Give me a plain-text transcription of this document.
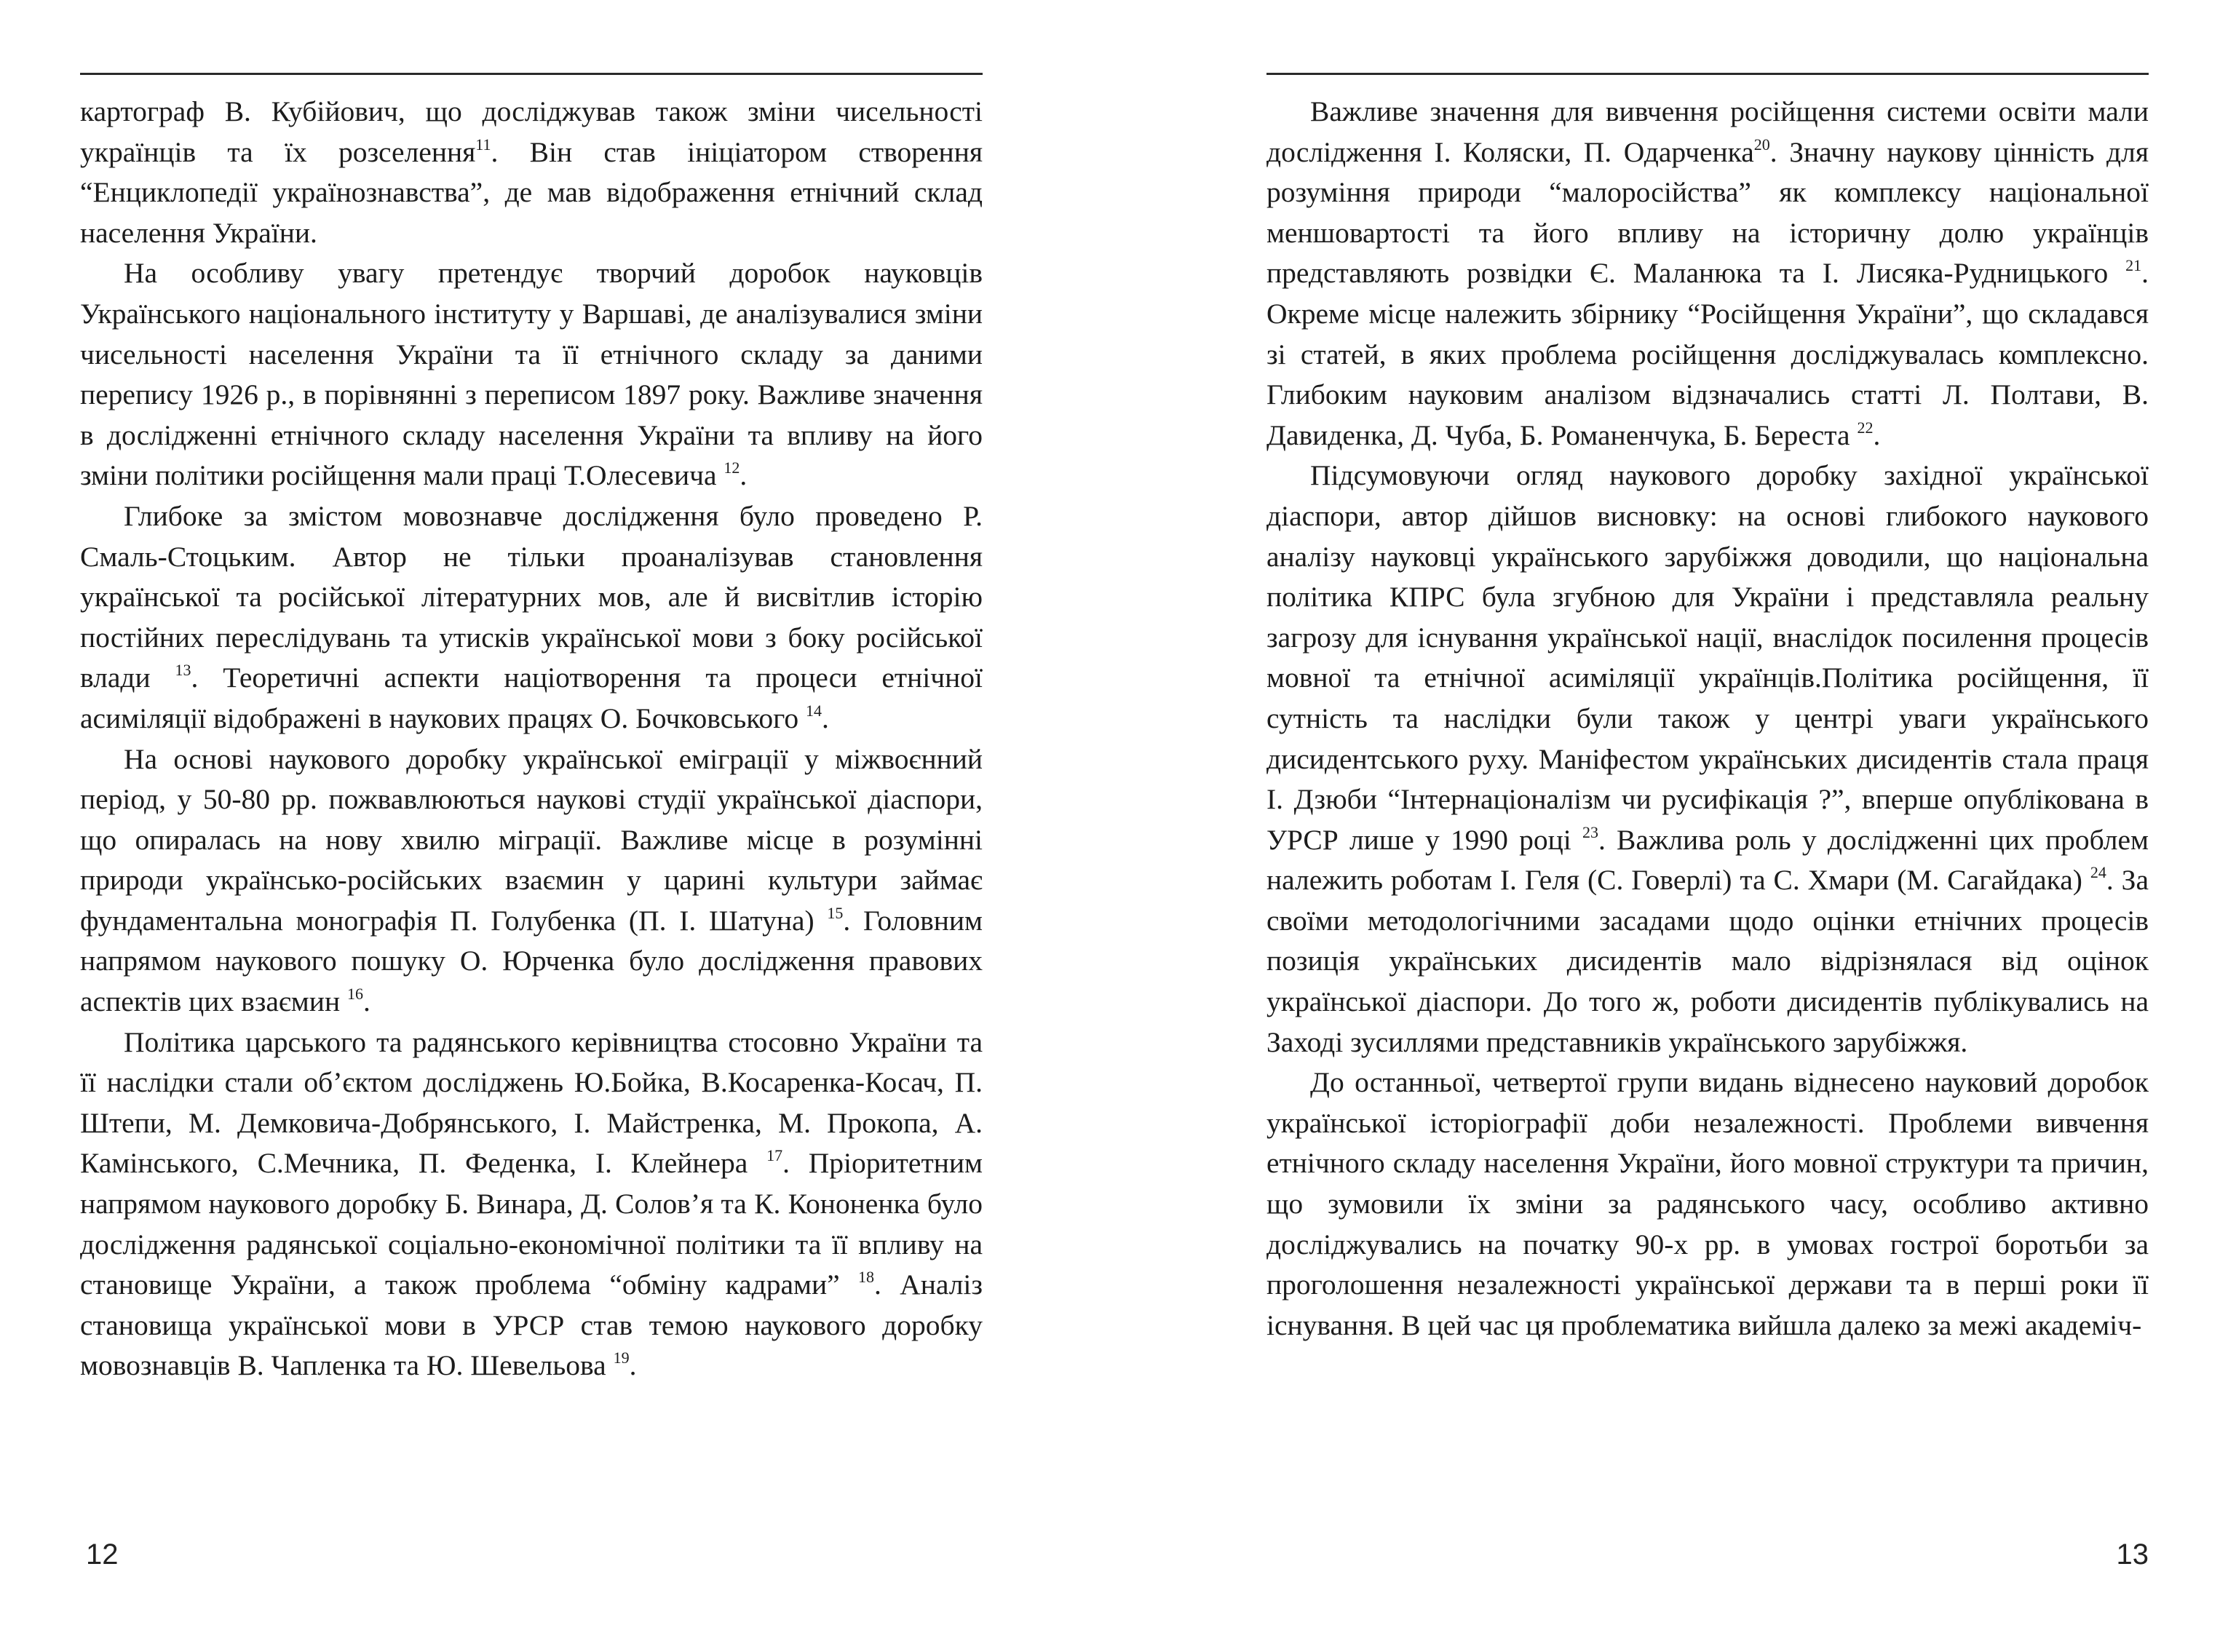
картограф В. Кубійович, що досліджував також зміни чисельності українців та їх розселення$^{11}$. Він став ініціатором створення “Енциклопедії українознавства”, де мав відображення етнічний склад населення України.

На особливу увагу претендує творчий доробок науковців Українського національного інституту у Варшаві, де аналізувалися зміни чисельності населення України та її етнічного складу за даними перепису 1926 р., в порівнянні з переписом 1897 року. Важливе значення в дослідженні етнічного складу населення України та впливу на його зміни політики російщення мали праці Т.Олесевича $^{12}$.

Глибоке за змістом мовознавче дослідження було проведено Р. Смаль-Стоцьким. Автор не тільки проаналізував становлення української та російської літературних мов, але й висвітлив історію постійних переслідувань та утисків української мови з боку російської влади $^{13}$. Теоретичні аспекти націотворення та процеси етнічної асиміляції відображені в наукових працях О. Бочковського $^{14}$.

На основі наукового доробку української еміграції у міжвоєнний період, у 50-80 рр. пожвавлюються наукові студії української діаспори, що опиралась на нову хвилю міграції. Важливе місце в розумінні природи українсько-російських взаємин у царині культури займає фундаментальна монографія П. Голубенка (П. І. Шатуна) $^{15}$. Головним напрямом наукового пошуку О. Юрченка було дослідження правових аспектів цих взаємин $^{16}$.

Політика царського та радянського керівництва стосовно України та її наслідки стали об’єктом досліджень Ю.Бойка, В.Косаренка-Косач, П. Штепи, М. Демковича-Добрянського, І. Майстренка, М. Прокопа, А. Камінського, С.Мечника, П. Феденка, І. Клейнера $^{17}$. Пріоритетним напрямом наукового доробку Б. Винара, Д. Солов’я та К. Кононенка було дослідження радянської соціально-економічної політики та її впливу на становище України, а також проблема “обміну кадрами” $^{18}$. Аналіз становища української мови в УРСР став темою наукового доробку мовознавців В. Чапленка та Ю. Шевельова $^{19}$.

12

Важливе значення для вивчення російщення системи освіти мали дослідження І. Коляски, П. Одарченка$^{20}$. Значну наукову цінність для розуміння природи “малоросійства” як комплексу національної меншовартості та його впливу на історичну долю українців представляють розвідки Є. Маланюка та І. Лисяка-Рудницького $^{21}$. Окреме місце належить збірнику “Російщення України”, що складався зі статей, в яких проблема російщення досліджувалась комплексно. Глибоким науковим аналізом відзначались статті Л. Полтави, В. Давиденка, Д. Чуба, Б. Романенчука, Б. Береста $^{22}$.

Підсумовуючи огляд наукового доробку західної української діаспори, автор дійшов висновку: на основі глибокого наукового аналізу науковці українського зарубіжжя доводили, що національна політика КПРС була згубною для України і представляла реальну загрозу для існування української нації, внаслідок посилення процесів мовної та етнічної асиміляції українців.Політика російщення, її сутність та наслідки були також у центрі уваги українського дисидентського руху. Маніфестом українських дисидентів стала праця І. Дзюби “Інтернаціоналізм чи русифікація ?”, вперше опублікована в УРСР лише у 1990 році $^{23}$. Важлива роль у дослідженні цих проблем належить роботам І. Геля (С. Говерлі) та С. Хмари (М. Сагайдака) $^{24}$. За своїми методологічними засадами щодо оцінки етнічних процесів позиція українських дисидентів мало відрізнялася від оцінок української діаспори. До того ж, роботи дисидентів публікувались на Заході зусиллями представників українського зарубіжжя.

До останньої, четвертої групи видань віднесено науковий доробок української історіографії доби незалежності. Проблеми вивчення етнічного складу населення України, його мовної структури та причин, що зумовили їх зміни за радянського часу, особливо активно досліджувались на початку 90-х рр. в умовах гострої боротьби за проголошення незалежності української держави та в перші роки її існування. В цей час ця проблематика вийшла далеко за межі академіч-

13
